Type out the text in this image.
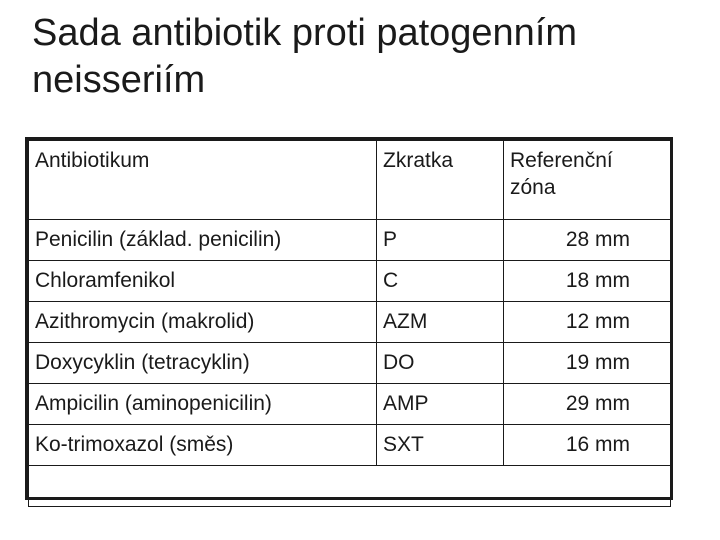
Sada antibiotik proti patogenním neisseriím
Antibiotikum	Zkratka	Referenční
zóna

Penicilin (základ. penicilin)	P	28 mm
Chloramfenikol	C	18 mm
Azithromycin (makrolid)	AZM	12 mm
Doxycyklin (tetracyklin)	DO	19 mm
Ampicilin (aminopenicilin)	AMP	29 mm
Ko-trimoxazol (směs)	SXT	16 mm
